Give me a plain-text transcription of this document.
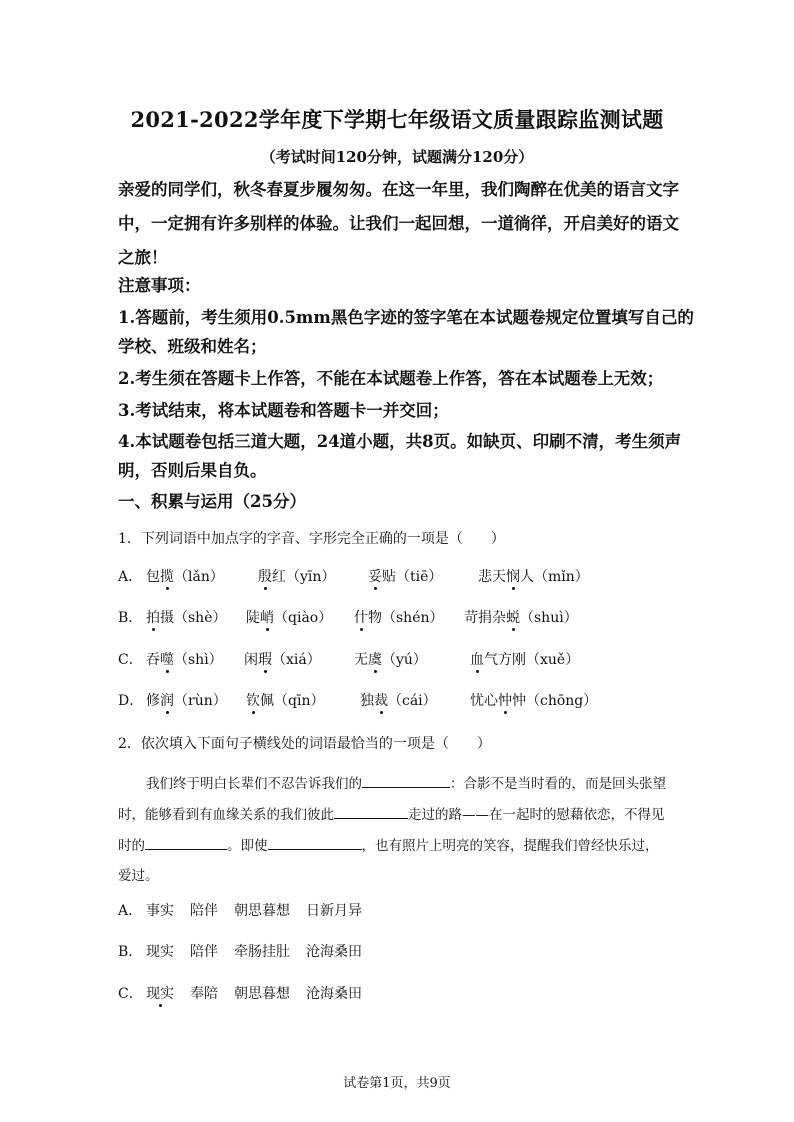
2021-2022学年度下学期七年级语文质量跟踪监测试题
（考试时间120分钟，试题满分120分）
亲爱的同学们，秋冬春夏步履匆匆。在这一年里，我们陶醉在优美的语言文字
中，一定拥有许多别样的体验。让我们一起回想，一道徜徉，开启美好的语文
之旅！
注意事项：
1.答题前，考生须用0.5mm黑色字迹的签字笔在本试题卷规定位置填写自己的
学校、班级和姓名；
2.考生须在答题卡上作答，不能在本试题卷上作答，答在本试题卷上无效；
3.考试结束，将本试题卷和答题卡一并交回；
4.本试题卷包括三道大题，24道小题，共8页。如缺页、印刷不清，考生须声
明，否则后果自负。
一、积累与运用（25分）
1．下列词语中加点字的字音、字形完全正确的一项是（　　）
A． 包揽（lǎn） 殷红（yīn） 妥贴（tiē）	悲天悯人（mǐn）
B． 拍摄（shè） 陡峭（qiào） 什物（shén） 苛捐杂蜕（shuì）
C． 吞噬（shì） 闲瑕（xiá） 无虞（yú）	血气方刚（xuě）
D． 修润（rùn） 钦佩（qīn）	独裁（cái） 忧心忡忡（chōng）
2．依次填入下面句子横线处的词语最恰当的一项是（　　）
我们终于明白长辈们不忍告诉我们的	：合影不是当时看的，而是回头张望
时，能够看到有血缘关系的我们彼此	走过的路——在一起时的慰藉依恋，不得见
时的	。即使	，也有照片上明亮的笑容，提醒我们曾经快乐过，
爱过。
A． 事实 陪伴 朝思暮想 日新月异
B． 现实 陪伴 牵肠挂肚 沧海桑田
C． 现实 奉陪 朝思暮想 沧海桑田
试卷第1页，共9页
